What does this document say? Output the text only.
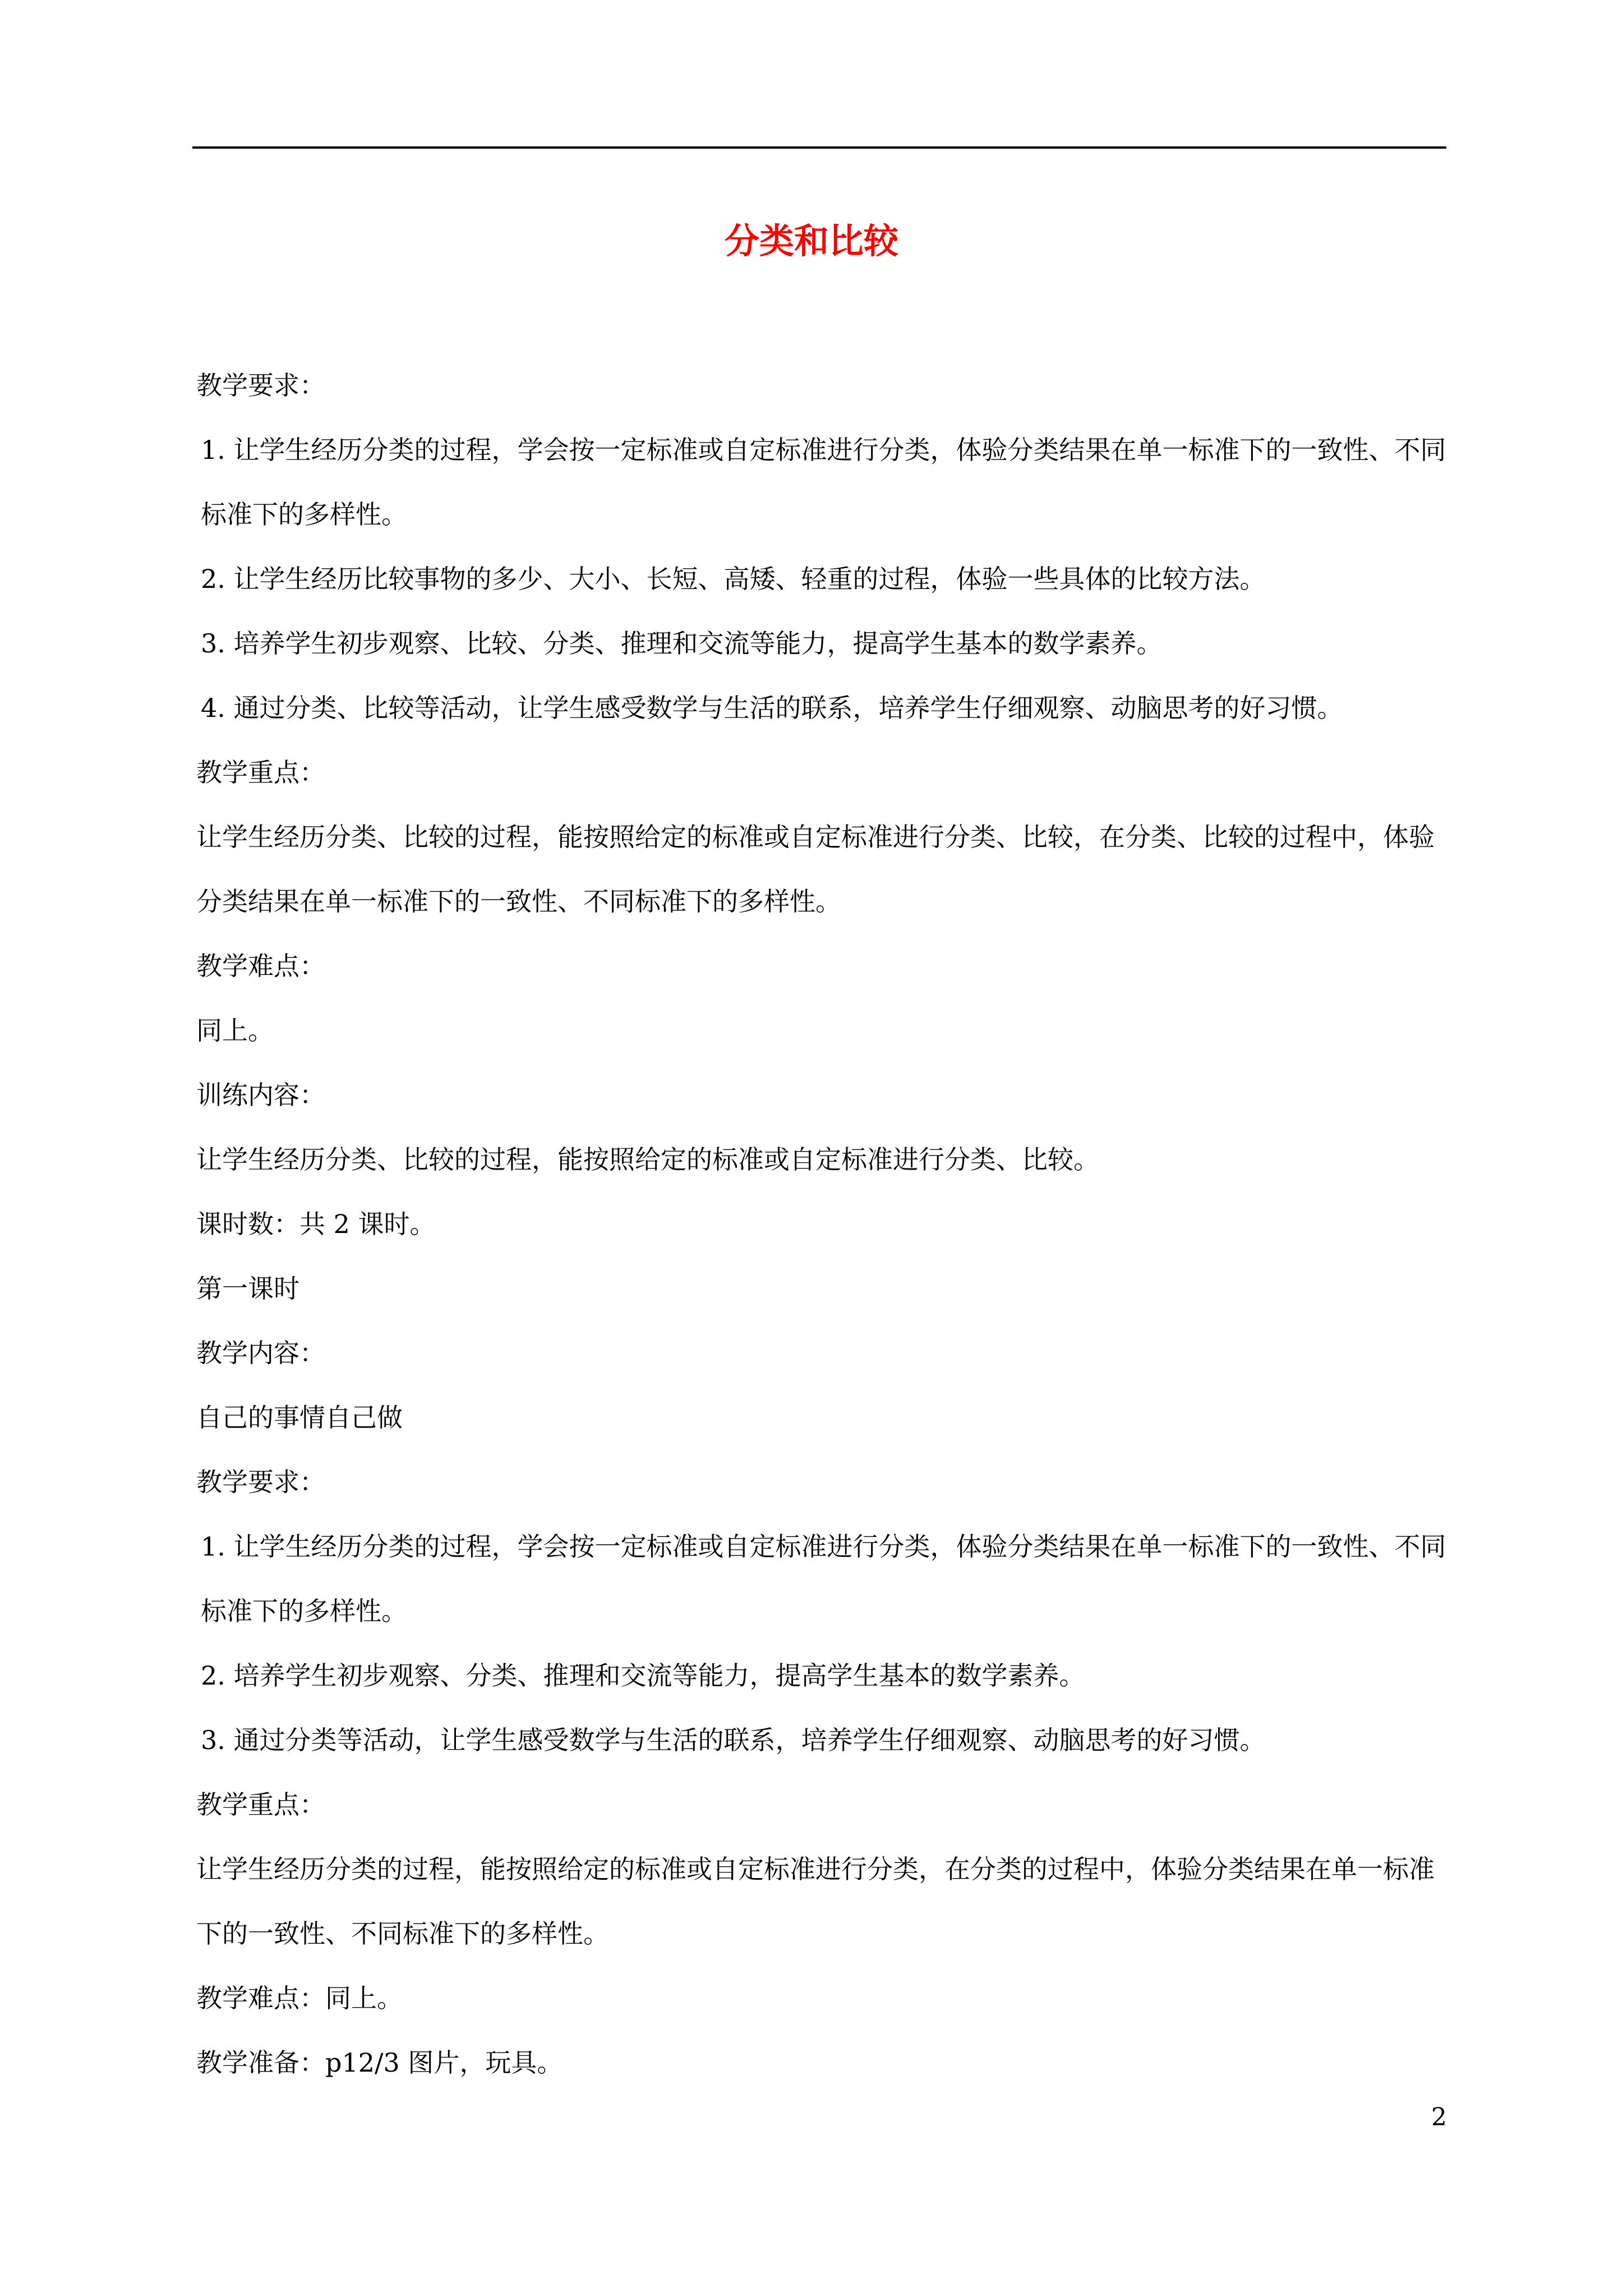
分类和比较

教学要求：

1. 让学生经历分类的过程，学会按一定标准或自定标准进行分类，体验分类结果在单一标准下的一致性、不同标准下的多样性。

2. 让学生经历比较事物的多少、大小、长短、高矮、轻重的过程，体验一些具体的比较方法。

3. 培养学生初步观察、比较、分类、推理和交流等能力，提高学生基本的数学素养。

4. 通过分类、比较等活动，让学生感受数学与生活的联系，培养学生仔细观察、动脑思考的好习惯。

教学重点：

让学生经历分类、比较的过程，能按照给定的标准或自定标准进行分类、比较，在分类、比较的过程中，体验分类结果在单一标准下的一致性、不同标准下的多样性。

教学难点：

同上。

训练内容：

让学生经历分类、比较的过程，能按照给定的标准或自定标准进行分类、比较。

课时数：共 2 课时。

第一课时

教学内容：

自己的事情自己做

教学要求：

1. 让学生经历分类的过程，学会按一定标准或自定标准进行分类，体验分类结果在单一标准下的一致性、不同标准下的多样性。

2. 培养学生初步观察、分类、推理和交流等能力，提高学生基本的数学素养。

3. 通过分类等活动，让学生感受数学与生活的联系，培养学生仔细观察、动脑思考的好习惯。

教学重点：

让学生经历分类的过程，能按照给定的标准或自定标准进行分类，在分类的过程中，体验分类结果在单一标准下的一致性、不同标准下的多样性。

教学难点：同上。

教学准备：p12/3 图片，玩具。

2
